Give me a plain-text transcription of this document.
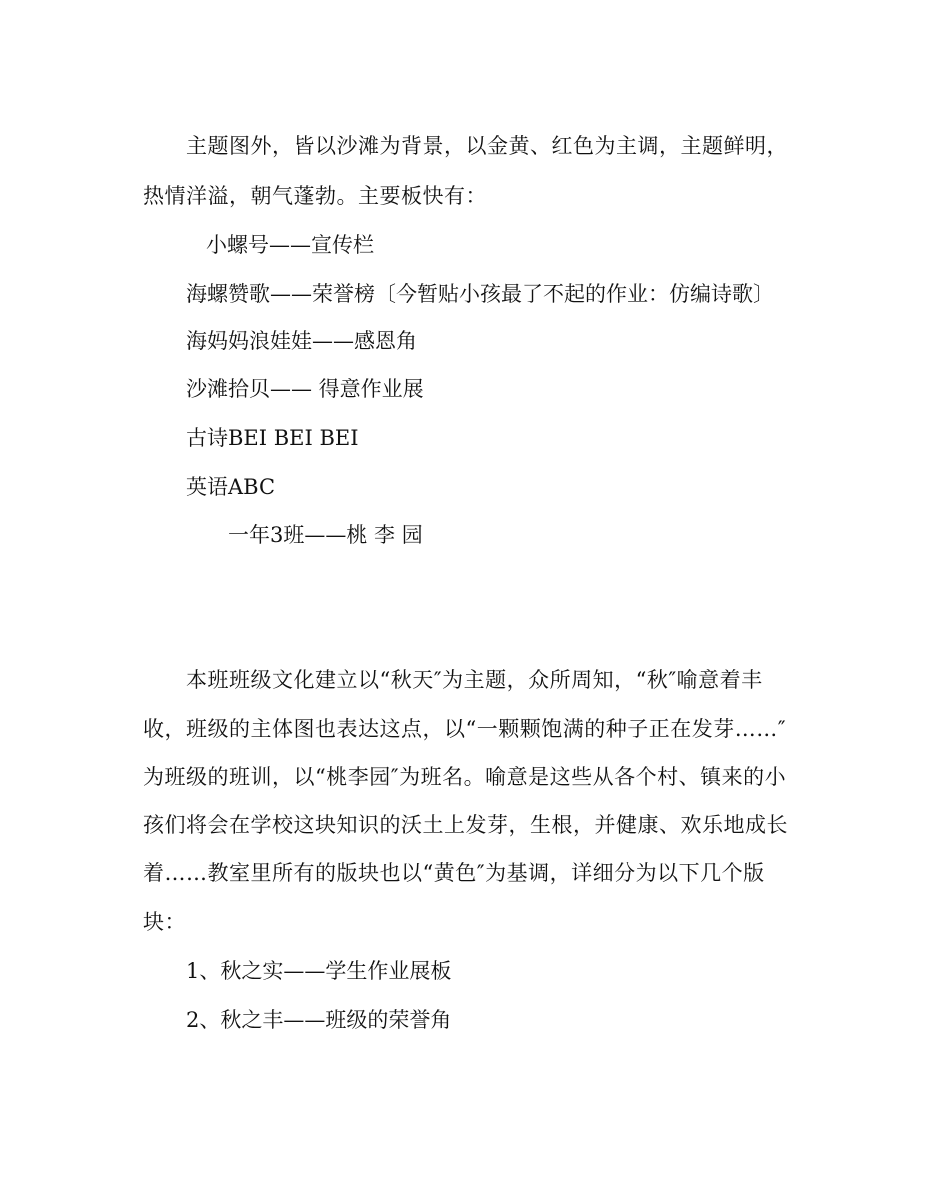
主题图外，皆以沙滩为背景，以金黄、红色为主调，主题鲜明，
热情洋溢，朝气蓬勃。主要板快有：
小螺号——宣传栏
海螺赞歌——荣誉榜〔今暂贴小孩最了不起的作业：仿编诗歌〕
海妈妈浪娃娃——感恩角
沙滩拾贝—— 得意作业展
古诗BEI BEI BEI
英语ABC
一年3班——桃 李 园
本班班级文化建立以“秋天″为主题，众所周知，“秋″喻意着丰
收，班级的主体图也表达这点，以“一颗颗饱满的种子正在发芽……″
为班级的班训，以“桃李园″为班名。喻意是这些从各个村、镇来的小
孩们将会在学校这块知识的沃土上发芽，生根，并健康、欢乐地成长
着……教室里所有的版块也以“黄色″为基调，详细分为以下几个版
块：
1、秋之实——学生作业展板
2、秋之丰——班级的荣誉角
